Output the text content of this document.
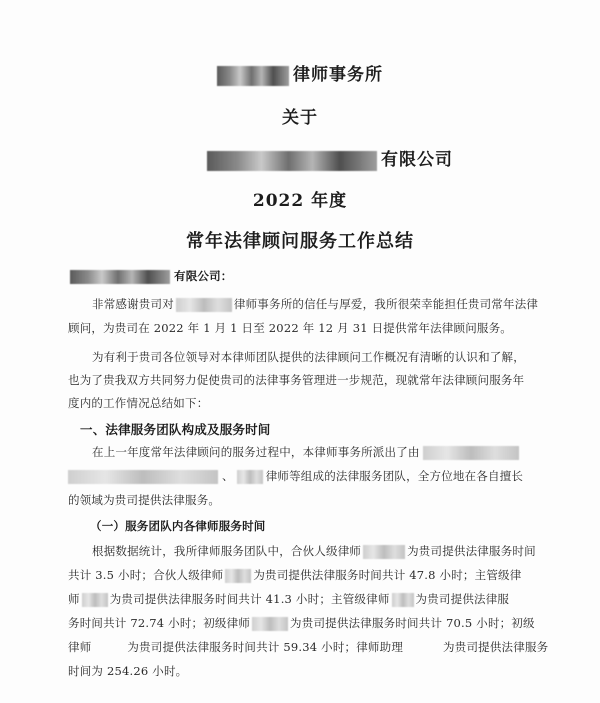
律师事务所
关于
有限公司
2022 年度
常年法律顾问服务工作总结
有限公司：
非常感谢贵司对	律师事务所的信任与厚爱，我所很荣幸能担任贵司常年法律
顾问，为贵司在 2022 年 1 月 1 日至 2022 年 12 月 31 日提供常年法律顾问服务。
为有利于贵司各位领导对本律师团队提供的法律顾问工作概况有清晰的认识和了解，
也为了贵我双方共同努力促使贵司的法律事务管理进一步规范，现就常年法律顾问服务年
度内的工作情况总结如下：
一、法律服务团队构成及服务时间
在上一年度常年法律顾问的服务过程中，本律师事务所派出了由
、	律师等组成的法律服务团队，全方位地在各自擅长
的领域为贵司提供法律服务。
（一）服务团队内各律师服务时间
根据数据统计，我所律师服务团队中，合伙人级律师	为贵司提供法律服务时间
共计 3.5 小时；合伙人级律师	为贵司提供法律服务时间共计 47.8 小时；主管级律
师	为贵司提供法律服务时间共计 41.3 小时；主管级律师 为贵司提供法律服
务时间共计 72.74 小时；初级律师	为贵司提供法律服务时间共计 70.5 小时；初级
律师	为贵司提供法律服务时间共计 59.34 小时；律师助理	为贵司提供法律服务
时间为 254.26 小时。
